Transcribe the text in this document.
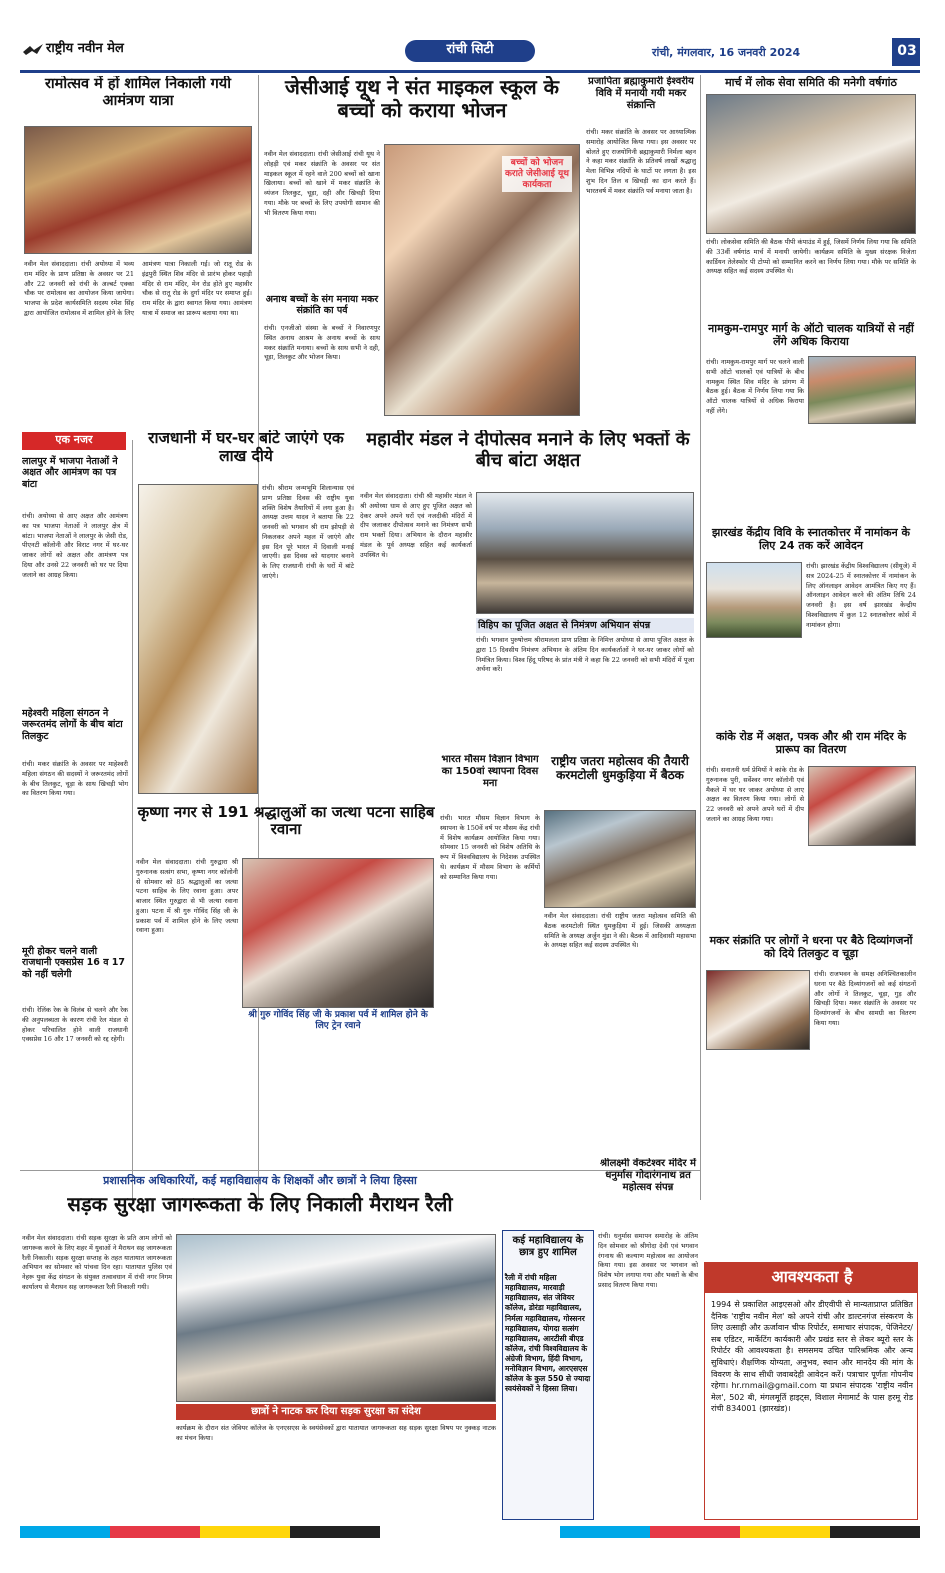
राष्ट्रीय नवीन मेल	रांची सिटी	रांची, मंगलवार, 16 जनवरी 2024	03
रामोत्सव में हों शामिल निकाली गयी आमंत्रण यात्रा
नवीन मेल संवाददाता। रांची अयोध्या में भव्य राम मंदिर के प्राण प्रतिष्ठा के अवसर पर 21 और 22 जनवरी को रांची के अल्बर्ट एक्का चौक पर रामोत्सव का आयोजन किया जायेगा। भाजपा के प्रदेश कार्यसमिति सदस्य रमेश सिंह द्वारा आयोजित रामोत्सव में शामिल होने के लिए आमंत्रण यात्रा निकाली गई। जो रातू रोड के इंद्रपुरी स्थित शिव मंदिर से प्रारंभ होकर पहाड़ी मंदिर से राम मंदिर, मेन रोड होते हुए महावीर चौक से रातू रोड के दुर्गा मंदिर पर समाप्त हुई। राम मंदिर के द्वारा स्वागत किया गया। आमंत्रण यात्रा में समाज का प्रारूप बताया गया था।
जेसीआई यूथ ने संत माइकल स्कूल के बच्चों को कराया भोजन
बच्चों को भोजन कराते जेसीआई यूथ कार्यकता
नवीन मेल संवाददाता। रांची जेसीआई रांची यूथ ने लोहड़ी एवं मकर संक्रांति के अवसर पर संत माइकल स्कूल में रहने वाले 200 बच्चों को खाना खिलाया। बच्चों को खाने में मकर संक्रांति के व्यंजन तिलकुट, चूड़ा, दही और खिचड़ी दिया गया। मौके पर बच्चों के लिए उपयोगी सामान की भी वितरण किया गया।
अनाथ बच्चों के संग मनाया मकर संक्रांति का पर्व
रांची। एनजीओ संस्था के बच्चों ने निवारणपुर स्थित अनाथ आश्रम के अनाथ बच्चों के साथ मकर संक्रांति मनाया। बच्चों के साथ सभी ने दही, चूड़ा, तिलकुट और भोजन किया।
प्रजापिता ब्रह्माकुमारी ईश्वरीय विवि में मनायी गयी मकर संक्रान्ति
रांची। मकर संक्रांति के अवसर पर आध्यात्मिक समारोह आयोजित किया गया। इस अवसर पर बोलते हुए राजयोगिनी ब्रह्माकुमारी निर्मला बहन ने कहा मकर संक्रांति के प्रतिवर्ष लाखों श्रद्धालु मेला विभिन्न नदियों के घाटों पर लगता है। इस शुभ दिन तिल व खिचड़ी का दान करते हैं। भारतवर्ष में मकर संक्रांति पर्व मनाया जाता है।
मार्च में लोक सेवा समिति की मनेगी वर्षगांठ
रांची। लोकसेवा समिति की बैठक पीपी कंपाउंड में हुई, जिसमें निर्णय लिया गया कि समिति की 33वीं वर्षगांठ मार्च में मनायी जायेगी। कार्यक्रम समिति के मुख्य संरक्षक विजेता कार्डियन तेलेस्फोर पी टोप्पो को सम्मानित करने का निर्णय लिया गया। मौके पर समिति के अध्यक्ष सहित कई सदस्य उपस्थित थे।
नामकुम-रामपुर मार्ग के ऑटो चालक यात्रियों से नहीं लेंगे अधिक किराया
रांची। नामकुम-रामपुर मार्ग पर चलने वाली सभी ऑटो चालकों एवं यात्रियों के बीच नामकुम स्थित शिव मंदिर के प्रांगण में बैठक हुई। बैठक में निर्णय लिया गया कि ऑटो चालक यात्रियों से अधिक किराया नहीं लेंगे।
झारखंड केंद्रीय विवि के स्नातकोत्तर में नामांकन के लिए 24 तक करें आवेदन
रांची। झारखंड केंद्रीय विश्वविद्यालय (सीयूजे) में सत्र 2024-25 में स्नातकोत्तर में नामांकन के लिए ऑनलाइन आवेदन आमंत्रित किए गए हैं। ऑनलाइन आवेदन करने की अंतिम तिथि 24 जनवरी है। इस वर्ष झारखंड केन्द्रीय विश्वविद्यालय में कुल 12 स्नातकोत्तर कोर्स में नामांकन होगा।
कांके रोड में अक्षत, पत्रक और श्री राम मंदिर के प्रारूप का वितरण
रांची। सनातनी धर्म प्रेमियों ने कांके रोड के गुरुनानक पुरी, सर्वेश्वर नगर कॉलोनी एवं मैकले में घर घर जाकर अयोध्या से लाए अक्षत का वितरण किया गया। लोगों से 22 जनवरी को अपने अपने घरों में दीप जलाने का आग्रह किया गया।
मकर संक्रांति पर लोगों ने धरना पर बैठे दिव्यांगजनों को दिये तिलकुट व चूड़ा
रांची। राजभवन के समक्ष अनिश्चितकालीन धरना पर बैठे दिव्यांगजनों को कई संगठनों और लोगों ने तिलकुट, चूड़ा, गुड़ और खिचड़ी दिया। मकर संक्रांति के अवसर पर दिव्यांगजनों के बीच सामग्री का वितरण किया गया।
एक नजर
लालपुर में भाजपा नेताओं ने अक्षत और आमंत्रण का पत्र बांटा
रांची। अयोध्या से आए अक्षत और आमंत्रण का पत्र भाजपा नेताओं ने लालपुर क्षेत्र में बांटा। भाजपा नेताओं ने लालपुर के जेसी रोड, पीएनटी कॉलोनी और विराट नगर में घर-घर जाकर लोगों को अक्षत और आमंत्रण पत्र दिया और उनसे 22 जनवरी को घर पर दिया जलाने का आग्रह किया।
महेश्वरी महिला संगठन ने जरूरतमंद लोगों के बीच बांटा तिलकुट
रांची। मकर संक्रांति के अवसर पर माहेश्वरी महिला संगठन की सदस्यों ने जरूरतमंद लोगों के बीच तिलकुट, चूड़ा के साथ खिचड़ी भोग का वितरण किया गया।
मूरी होकर चलने वाली राजधानी एक्सप्रेस 16 व 17 को नहीं चलेगी
रांची। रेलिंक रेक के विलंब से चलने और रेक की अनुपलब्धता के कारण रांची रेल मंडल से होकर परिचालित होने वाली राजधानी एक्सप्रेस 16 और 17 जनवरी को रद्द रहेगी।
राजधानी में घर-घर बांटे जाएंगे एक लाख दीये
रांची। श्रीराम जन्मभूमि शिलान्यास एवं प्राण प्रतिष्ठा दिवस की राष्ट्रीय युवा शक्ति विशेष तैयारियों में लगा हुआ है। अध्यक्ष उत्तम यादव ने बताया कि 22 जनवरी को भगवान श्री राम झोपड़ी से निकलकर अपने महल में जाएंगे और इस दिन पूरे भारत में दिवाली मनाई जाएगी। इस दिवस को यादगार बनाने के लिए राजधानी रांची के घरों में बांटे जाएंगे।
महावीर मंडल ने दीपोत्सव मनाने के लिए भक्तों के बीच बांटा अक्षत
नवीन मेल संवाददाता। रांची श्री महावीर मंडल ने श्री अयोध्या धाम से आए हुए पूजित अक्षत को देकर अपने अपने घरों एवं नजदीकी मंदिरों में दीप जलाकर दीपोत्सव मनाने का निमंत्रण सभी राम भक्तों दिया। अभियान के दौरान महावीर मंडल के पूर्व अध्यक्ष सहित कई कार्यकर्ता उपस्थित थे।
विहिप का पूजित अक्षत से निमंत्रण अभियान संपन्न
रांची। भगवान पुरुषोत्तम श्रीरामलला प्राण प्रतिष्ठा के निमित्त अयोध्या से आया पूजित अक्षत के द्वारा 15 दिवसीय निमंत्रण अभियान के अंतिम दिन कार्यकर्ताओं ने घर-घर जाकर लोगों को निमंत्रित किया। विश्व हिंदू परिषद के प्रांत मंत्री ने कहा कि 22 जनवरी को सभी मंदिरों में पूजा अर्चना करें।
कृष्णा नगर से 191 श्रद्धालुओं का जत्था पटना साहिब रवाना
नवीन मेल संवाददाता। रांची गुरुद्वारा श्री गुरुनानक सत्संग सभा, कृष्णा नगर कॉलोनी से सोमवार को 85 श्रद्धालुओं का जत्था पटना साहिब के लिए रवाना हुआ। अपर बाजार स्थित गुरुद्वारा से भी जत्था रवाना हुआ। पटना में श्री गुरु गोविंद सिंह जी के प्रकाश पर्व में शामिल होने के लिए जत्था रवाना हुआ।
श्री गुरु गोविंद सिंह जी के प्रकाश पर्व में शामिल होने के लिए ट्रेन रवाने
भारत मौसम विज्ञान विभाग का 150वां स्थापना दिवस मना
रांची। भारत मौसम विज्ञान विभाग के स्थापना के 150वें वर्ष पर मौसम केंद्र रांची में विशेष कार्यक्रम आयोजित किया गया। सोमवार 15 जनवरी को विशेष अतिथि के रूप में विश्वविद्यालय के निदेशक उपस्थित थे। कार्यक्रम में मौसम विभाग के कर्मियों को सम्मानित किया गया।
राष्ट्रीय जतरा महोत्सव की तैयारी करमटोली धुमकुड़िया में बैठक
नवीन मेल संवाददाता। रांची राष्ट्रीय जतरा महोत्सव समिति की बैठक करमटोली स्थित धुमकुड़िया में हुई। जिसकी अध्यक्षता समिति के अध्यक्ष अर्जुन मुंडा ने की। बैठक में आदिवासी महासभा के अध्यक्ष सहित कई सदस्य उपस्थित थे।
प्रशासनिक अधिकारियों, कई महाविद्यालय के शिक्षकों और छात्रों ने लिया हिस्सा
सड़क सुरक्षा जागरूकता के लिए निकाली मैराथन रैली
नवीन मेल संवाददाता। रांची सड़क सुरक्षा के प्रति आम लोगों को जागरूक करने के लिए शहर में युवाओं ने मैराथन सह जागरूकता रैली निकाली। सड़क सुरक्षा सप्ताह के तहत यातायात जागरूकता अभियान का सोमवार को पांचवा दिन रहा। यातायात पुलिस एवं नेहरू युवा केंद्र संगठन के संयुक्त तत्वावधान में रांची नगर निगम कार्यालय से मैराथन सह जागरूकता रैली निकाली गयी।
छात्रों ने नाटक कर दिया सड़क सुरक्षा का संदेश
कार्यक्रम के दौरान संत जेवियर कॉलेज के एनएसएस के स्वयंसेवकों द्वारा यातायात जागरूकता सह सड़क सुरक्षा विषय पर नुक्कड़ नाटक का मंचन किया।
कई महाविद्यालय के छात्र हुए शामिल
रैली में रांची महिला महाविद्यालय, मारवाड़ी महाविद्यालय, संत जेवियर कॉलेज, डोरंडा महाविद्यालय, निर्मला महाविद्यालय, गोस्सनर महाविद्यालय, योगदा सत्संग महाविद्यालय, आरटीसी बीएड कॉलेज, रांची विश्वविद्यालय के अंग्रेजी विभाग, हिंदी विभाग, मनोविज्ञान विभाग, आरएसएस कॉलेज के कुल 550 से ज्यादा स्वयंसेवकों ने हिस्सा लिया।
श्रीलक्ष्मी वेंकटेश्वर मंदिर में धनुर्मास गोदारंगनाथ व्रत महोत्सव संपन्न
रांची। धनुर्मास समापन समारोह के अंतिम दिन सोमवार को श्रीगोदा देवी एवं भगवान रंगनाथ की कल्याण महोत्सव का आयोजन किया गया। इस अवसर पर भगवान को विशेष भोग लगाया गया और भक्तों के बीच प्रसाद वितरण किया गया।	आवश्यकता है
1994 से प्रकाशित आइएसओ और डीएवीपी से मान्यताप्राप्त प्रतिष्ठित दैनिक 'राष्ट्रीय नवीन मेल' को अपने रांची और डाल्टनगंज संस्करण के लिए उत्साही और ऊर्जावान चीफ रिपोर्टर, समाचार संपादक, पेजिनेटर/सब एडिटर, मार्केटिंग कार्यकारी और प्रखंड स्तर से लेकर ब्यूरो स्तर के रिपोर्टर की आवश्यकता है। समसमय उचित पारिश्रमिक और अन्य सुविधाएं। शैक्षणिक योग्यता, अनुभव, स्थान और मानदेय की मांग के विवरण के साथ सीधी जवाबदेही आवेदन करें। पत्राचार पूर्णतः गोपनीय रहेगा। hr.rnmail@gmail.com या प्रधान संपादक 'राष्ट्रीय नवीन मेल', 502 बी, मंगलमूर्ति हाइट्स, विशाल मेगामार्ट के पास हरमू रोड रांची 834001 (झारखंड)।
